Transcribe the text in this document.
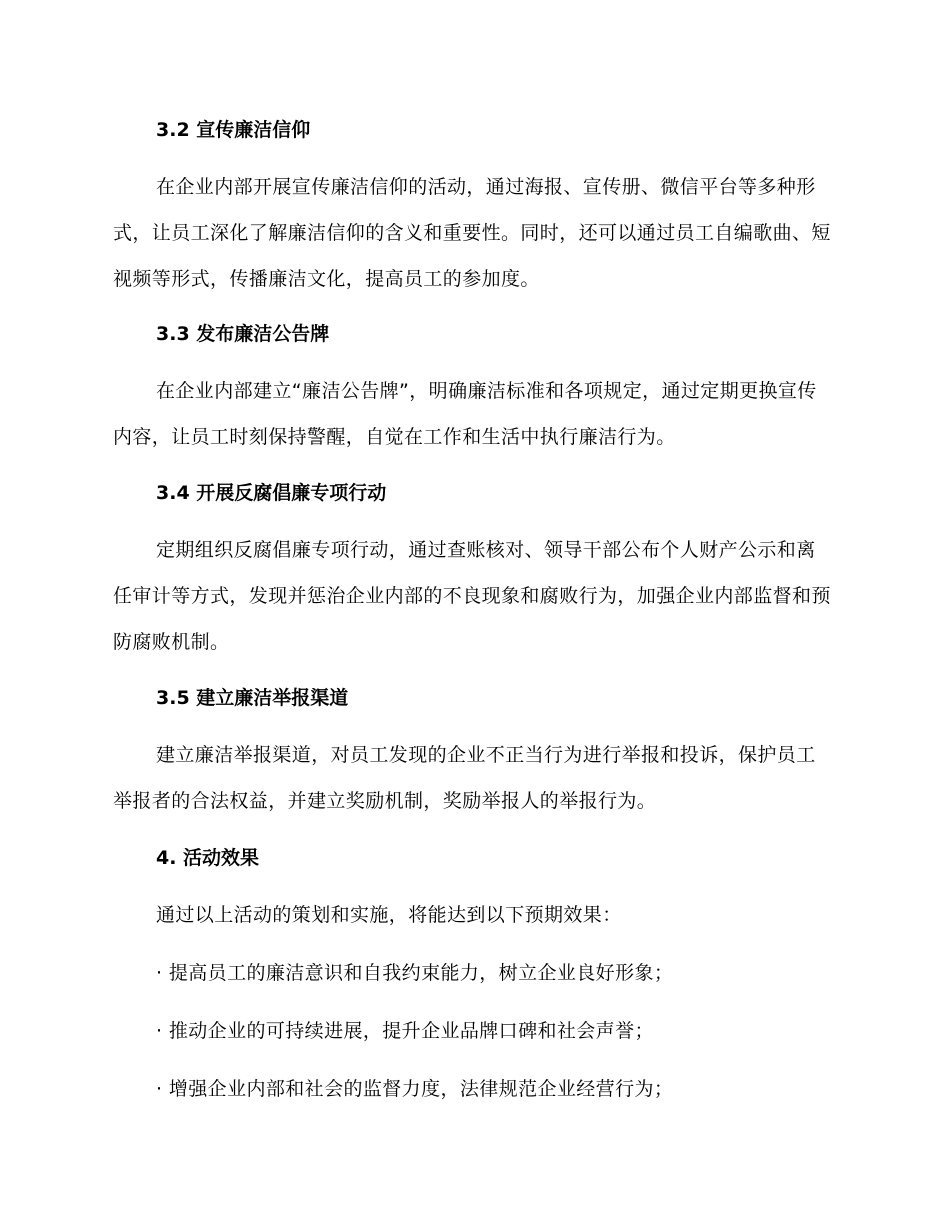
3.2 宣传廉洁信仰

在企业内部开展宣传廉洁信仰的活动，通过海报、宣传册、微信平台等多种形式，让员工深化了解廉洁信仰的含义和重要性。同时，还可以通过员工自编歌曲、短视频等形式，传播廉洁文化，提高员工的参加度。

3.3 发布廉洁公告牌

在企业内部建立“廉洁公告牌”，明确廉洁标准和各项规定，通过定期更换宣传内容，让员工时刻保持警醒，自觉在工作和生活中执行廉洁行为。

3.4 开展反腐倡廉专项行动

定期组织反腐倡廉专项行动，通过查账核对、领导干部公布个人财产公示和离任审计等方式，发现并惩治企业内部的不良现象和腐败行为，加强企业内部监督和预防腐败机制。

3.5 建立廉洁举报渠道

建立廉洁举报渠道，对员工发现的企业不正当行为进行举报和投诉，保护员工举报者的合法权益，并建立奖励机制，奖励举报人的举报行为。

4. 活动效果

通过以上活动的策划和实施，将能达到以下预期效果：

· 提高员工的廉洁意识和自我约束能力，树立企业良好形象；

· 推动企业的可持续进展，提升企业品牌口碑和社会声誉；

· 增强企业内部和社会的监督力度，法律规范企业经营行为；
